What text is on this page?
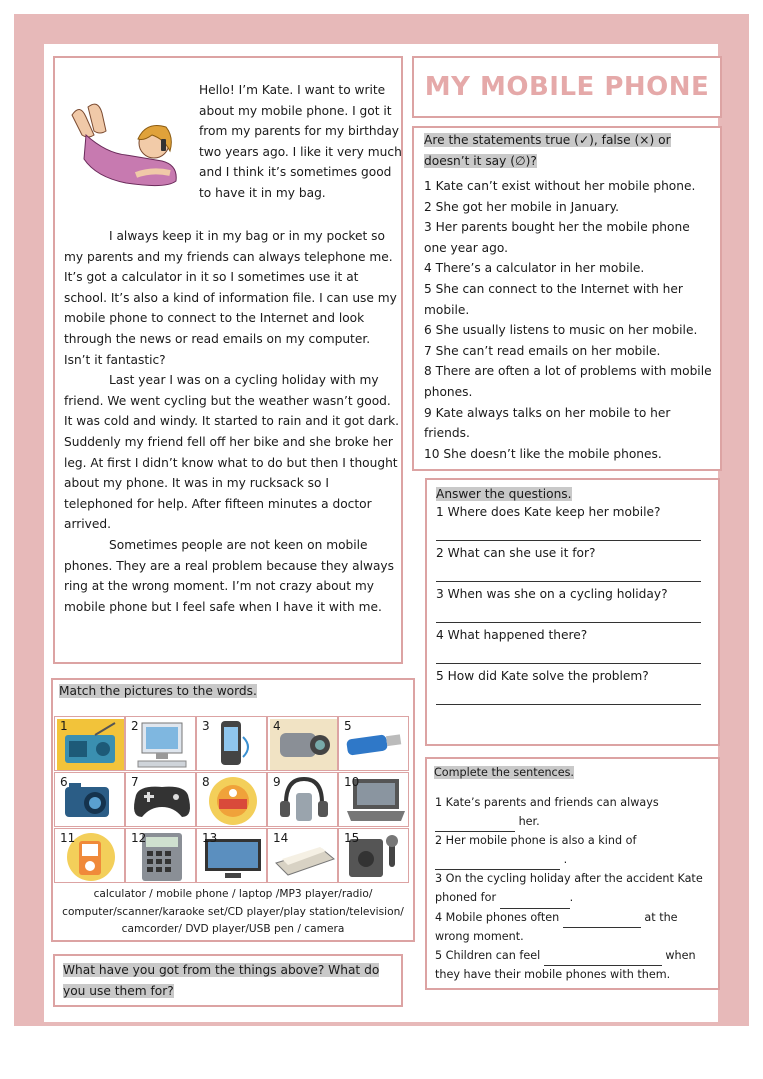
Hello! I’m Kate. I want to write about my mobile phone. I got it from my parents for my birthday two years ago. I like it very much and I think it’s sometimes good to have it in my bag.

I always keep it in my bag or in my pocket so my parents and my friends can always telephone me. It’s got a calculator in it so I sometimes use it at school. It’s also a kind of information file. I can use my mobile phone to connect to the Internet and look through the news or read emails on my computer. Isn’t it fantastic?

Last year I was on a cycling holiday with my friend. We went cycling but the weather wasn’t good. It was cold and windy. It started to rain and it got dark. Suddenly my friend fell off her bike and she broke her leg. At first I didn’t know what to do but then I thought about my phone. It was in my rucksack so I telephoned for help. After fifteen minutes a doctor arrived.

Sometimes people are not keen on mobile phones. They are a real problem because they always ring at the wrong moment. I’m not crazy about my mobile phone but I feel safe when I have it with me.

MY MOBILE PHONE
Are the statements true (✓), false (×) or doesn’t it say (∅)?
1 Kate can’t exist without her mobile phone.
2 She got her mobile in January.
3 Her parents bought her the mobile phone one year ago.
4 There’s a calculator in her mobile.
5 She can connect to the Internet with her mobile.
6 She usually listens to music on her mobile.
7 She can’t read emails on her mobile.
8 There are often a lot of problems with mobile phones.
9 Kate always talks on her mobile to her friends.
10 She doesn’t like the mobile phones.
Answer the questions.
1 Where does Kate keep her mobile?
2 What can she use it for?
3 When was she on a cycling holiday?
4 What happened there?
5 How did Kate solve the problem?
Complete the sentences.
1 Kate’s parents and friends can always
her.
2 Her mobile phone is also a kind of
.
3 On the cycling holiday after the accident Kate
phoned for	.
4 Mobile phones often	at the
wrong moment.
5 Children can feel	when
they have their mobile phones with them.
Match the pictures to the words.
1	2	3	4	5
6	7	8	9	10
11	12	13	14	15
calculator / mobile phone / laptop /MP3 player/radio/
computer/scanner/karaoke set/CD player/play station/television/
camcorder/ DVD player/USB pen / camera
What have you got from the things above? What do you use them for?
iSLCollective.com
